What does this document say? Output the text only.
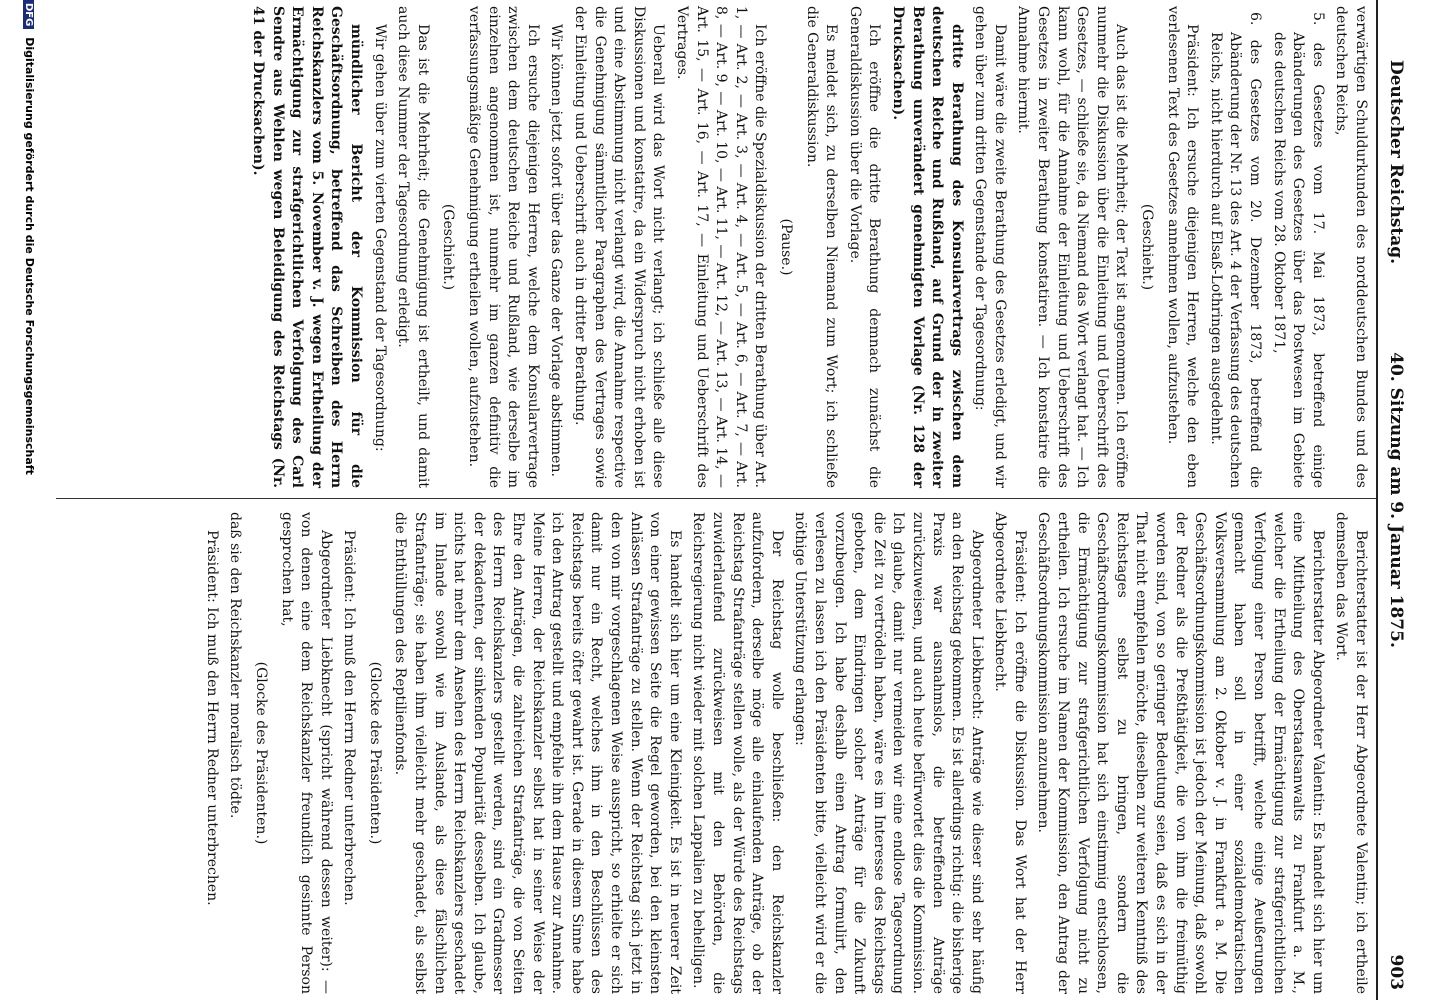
Deutscher Reichstag.
40. Sitzung am 9. Januar 1875.
903

verwärtigen Schuldurkunden des norddeutschen Bundes und des deutschen Reichs,

5. des Gesetzes vom 17. Mai 1873, betreffend einige Abänderungen des Gesetzes über das Postwesen im Gebiete des deutschen Reichs vom 28. Oktober 1871,

6. des Gesetzes vom 20. Dezember 1873, betreffend die Abänderung der Nr. 13 des Art. 4 der Verfassung des deutschen Reichs, nicht hierdurch auf Elsaß-Lothringen ausgedehnt.

Präsident: Ich ersuche diejenigen Herren, welche den eben verlesenen Text des Gesetzes annehmen wollen, aufzustehen.

(Geschieht.)

Auch das ist die Mehrheit; der Text ist angenommen. Ich eröffne nunmehr die Diskussion über die Einleitung und Ueberschrift des Gesetzes, — schließe sie, da Niemand das Wort verlangt hat. — Ich kann wohl, für die Annahme der Einleitung und Ueberschrift des Gesetzes in zweiter Berathung konstatiren. — Ich konstatire die Annahme hiermit.

Damit wäre die zweite Berathung des Gesetzes erledigt, und wir gehen über zum dritten Gegenstande der Tagesordnung:

dritte Berathung des Konsularvertrags zwischen dem deutschen Reiche und Rußland, auf Grund der in zweiter Berathung unverändert genehmigten Vorlage (Nr. 128 der Drucksachen).

Ich eröffne die dritte Berathung demnach zunächst die Generaldiskussion über die Vorlage.

Es meldet sich, zu derselben Niemand zum Wort; ich schließe die Generaldiskussion.

(Pause.)

Ich eröffne die Spezialdiskussion der dritten Berathung über Art. 1, — Art. 2, — Art. 3, — Art. 4, — Art. 5, — Art. 6, — Art. 7, — Art. 8, — Art. 9, — Art. 10, — Art. 11, — Art. 12, — Art. 13, — Art. 14, — Art. 15, — Art. 16, — Art. 17, — Einleitung und Ueberschrift des Vertrages.

Ueberall wird das Wort nicht verlangt; ich schließe alle diese Diskussionen und konstatire, da ein Widerspruch nicht erhoben ist und eine Abstimmung nicht verlangt wird, die Annahme respective die Genehmigung sämmtlicher Paragraphen des Vertrages sowie der Einleitung und Ueberschrift auch in dritter Berathung.

Wir können jetzt sofort über das Ganze der Vorlage abstimmen.

Ich ersuche diejenigen Herren, welche dem Konsularvertrage zwischen dem deutschen Reiche und Rußland, wie derselbe im einzelnen angenommen ist, nunmehr im ganzen definitiv die verfassungsmäßige Genehmigung ertheilen wollen, aufzustehen.

(Geschieht.)

Das ist die Mehrheit; die Genehmigung ist ertheilt, und damit auch diese Nummer der Tagesordnung erledigt.

Wir gehen über zum vierten Gegenstand der Tagesordnung:

mündlicher Bericht der Kommission für die Geschäftsordnung, betreffend das Schreiben des Herrn Reichskanzlers vom 5. November v. J. wegen Ertheilung der Ermächtigung zur strafgerichtlichen Verfolgung des Carl Sendre aus Wehlen wegen Beleidigung des Reichstags (Nr. 41 der Drucksachen).

Berichterstatter ist der Herr Abgeordnete Valentin; ich ertheile demselben das Wort.

Berichterstatter Abgeordneter Valentin: Es handelt sich hier um eine Mittheilung des Oberstaatsanwalts zu Frankfurt a. M., welcher die Ertheilung der Ermächtigung zur strafgerichtlichen Verfolgung einer Person betrifft, welche einige Aeußerungen gemacht haben soll in einer sozialdemokratischen Volksversammlung am 2. Oktober v. J. in Frankfurt a. M. Die Geschäftsordnungskommission ist jedoch der Meinung, daß sowohl der Redner als die Preßthätigkeit, die von ihm die freimüthig worden sind, von so geringer Bedeutung seien, daß es sich in der That nicht empfehlen möchte, dieselben zur weiteren Kenntniß des Reichstages selbst zu bringen, sondern die Geschäftsordnungskommission hat sich einstimmig entschlossen, die Ermächtigung zur strafgerichtlichen Verfolgung nicht zu ertheilen. Ich ersuche im Namen der Kommission, den Antrag der Geschäftsordnungskommission anzunehmen.

Präsident: Ich eröffne die Diskussion. Das Wort hat der Herr Abgeordnete Liebknecht.

Abgeordneter Liebknecht: Anträge wie dieser sind sehr häufig an den Reichstag gekommen. Es ist allerdings richtig: die bisherige Praxis war ausnahmslos, die betreffenden Anträge zurückzuweisen, und auch heute befürwortet dies die Kommission. Ich glaube, damit nur vermeiden wir eine endlose Tagesordnung die Zeit zu vertrödeln haben, wäre es im Interesse des Reichstags geboten, dem Eindringen solcher Anträge für die Zukunft vorzubeugen. Ich habe deshalb einen Antrag formulirt, den verlesen zu lassen ich den Präsidenten bitte, vielleicht wird er die nöthige Unterstützung erlangen:

Der Reichstag wolle beschließen: den Reichskanzler aufzufordern, derselbe möge alle einlaufenden Anträge, ob der Reichstag Strafanträge stellen wolle, als der Würde des Reichstags zuwiderlaufend zurückweisen mit den Behörden, die Reichsregierung nicht wieder mit solchen Lappalien zu behelligen.

Es handelt sich hier um eine Kleinigkeit. Es ist in neuerer Zeit von einer gewissen Seite die Regel geworden, bei den kleinsten Anlässen Strafanträge zu stellen. Wenn der Reichstag sich jetzt in den von mir vorgeschlagenen Weise ausspricht, so erhielte er sich damit nur ein Recht, welches ihm in den Beschlüssen des Reichstags bereits öfter gewahrt ist. Gerade in diesem Sinne habe ich den Antrag gestellt und empfehle ihn dem Hause zur Annahme. Meine Herren, der Reichskanzler selbst hat in seiner Weise der Ehre den Anträgen, die zahlreichen Strafanträge, die von Seiten des Herrn Reichskanzlers gestellt werden, sind ein Gradmesser der dekadenten, der sinkenden Popularität desselben. Ich glaube, nichts hat mehr dem Ansehen des Herrn Reichskanzlers geschadet im Inlande sowohl wie im Auslande, als diese fälschlichen Strafanträge; sie haben ihm vielleicht mehr geschadet, als selbst die Enthüllungen des Reptilienfonds.

(Glocke des Präsidenten.)

Präsident: Ich muß den Herrn Redner unterbrechen.

Abgeordneter Liebknecht (spricht während dessen weiter): — von denen eine dem Reichskanzler freundlich gesinnte Person gesprochen hat,

(Glocke des Präsidenten.)

daß sie den Reichskanzler moralisch tödte.

Präsident: Ich muß den Herrn Redner unterbrechen.

DFG Digitalisierung gefördert durch die Deutsche Forschungsgemeinschaft
